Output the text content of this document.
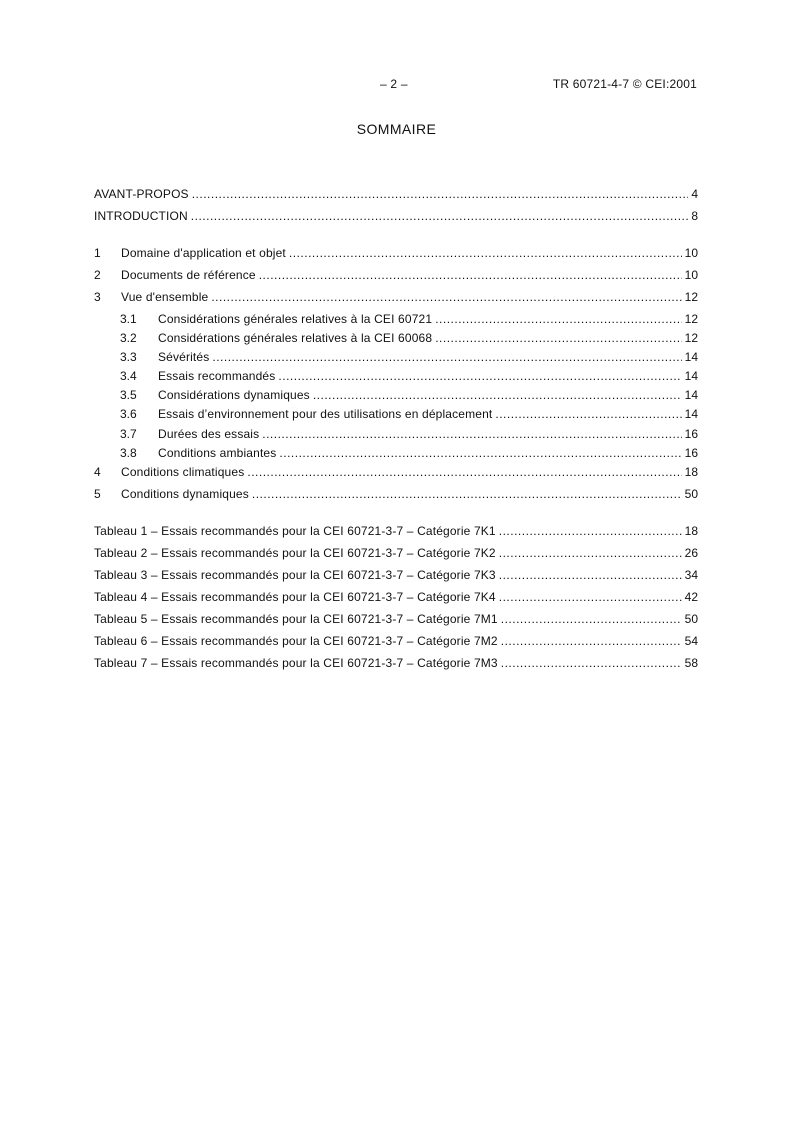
– 2 –	TR 60721-4-7 © CEI:2001
SOMMAIRE
AVANT-PROPOS .....	4
INTRODUCTION .....	8
1	Domaine d'application et objet .....	10
2	Documents de référence .....	10
3	Vue d'ensemble .....	12
3.1	Considérations générales relatives à la CEI 60721 .....	12
3.2	Considérations générales relatives à la CEI 60068 .....	12
3.3	Sévérités .....	14
3.4	Essais recommandés .....	14
3.5	Considérations dynamiques .....	14
3.6	Essais d’environnement pour des utilisations en déplacement .....	14
3.7	Durées des essais .....	16
3.8	Conditions ambiantes .....	16
4	Conditions climatiques .....	18
5	Conditions dynamiques .....	50
Tableau 1 – Essais recommandés pour la CEI 60721-3-7 – Catégorie 7K1 .....	18
Tableau 2 – Essais recommandés pour la CEI 60721-3-7 – Catégorie 7K2 .....	26
Tableau 3 – Essais recommandés pour la CEI 60721-3-7 – Catégorie 7K3 .....	34
Tableau 4 – Essais recommandés pour la CEI 60721-3-7 – Catégorie 7K4 .....	42
Tableau 5 – Essais recommandés pour la CEI 60721-3-7 – Catégorie 7M1 .....	50
Tableau 6 – Essais recommandés pour la CEI 60721-3-7 – Catégorie 7M2 .....	54
Tableau 7 – Essais recommandés pour la CEI 60721-3-7 – Catégorie 7M3 .....	58
